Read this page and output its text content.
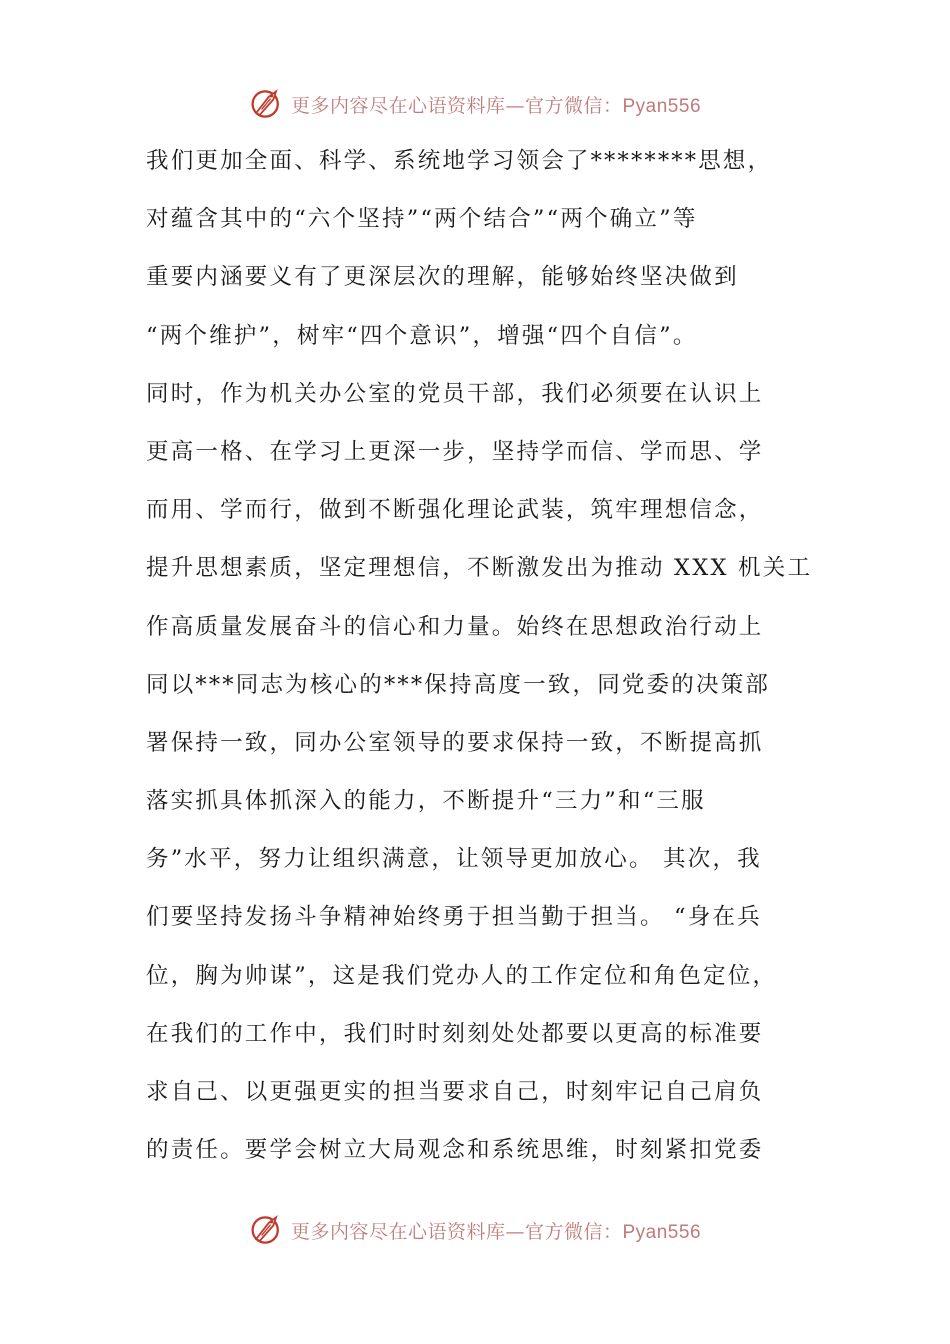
更多内容尽在心语资料库—官方微信：Pyan556
我们更加全面、科学、系统地学习领会了********思想，
对蕴含其中的“六个坚持”“两个结合”“两个确立”等
重要内涵要义有了更深层次的理解，能够始终坚决做到
“两个维护”，树牢“四个意识”，增强“四个自信”。
同时，作为机关办公室的党员干部，我们必须要在认识上
更高一格、在学习上更深一步，坚持学而信、学而思、学
而用、学而行，做到不断强化理论武装，筑牢理想信念，
提升思想素质，坚定理想信，不断激发出为推动 XXX 机关工
作高质量发展奋斗的信心和力量。始终在思想政治行动上
同以***同志为核心的***保持高度一致，同党委的决策部
署保持一致，同办公室领导的要求保持一致，不断提高抓
落实抓具体抓深入的能力，不断提升“三力”和“三服
务”水平，努力让组织满意，让领导更加放心。 其次，我
们要坚持发扬斗争精神始终勇于担当勤于担当。 “身在兵
位，胸为帅谋”，这是我们党办人的工作定位和角色定位，
在我们的工作中，我们时时刻刻处处都要以更高的标准要
求自己、以更强更实的担当要求自己，时刻牢记自己肩负
的责任。要学会树立大局观念和系统思维，时刻紧扣党委
更多内容尽在心语资料库—官方微信：Pyan556
